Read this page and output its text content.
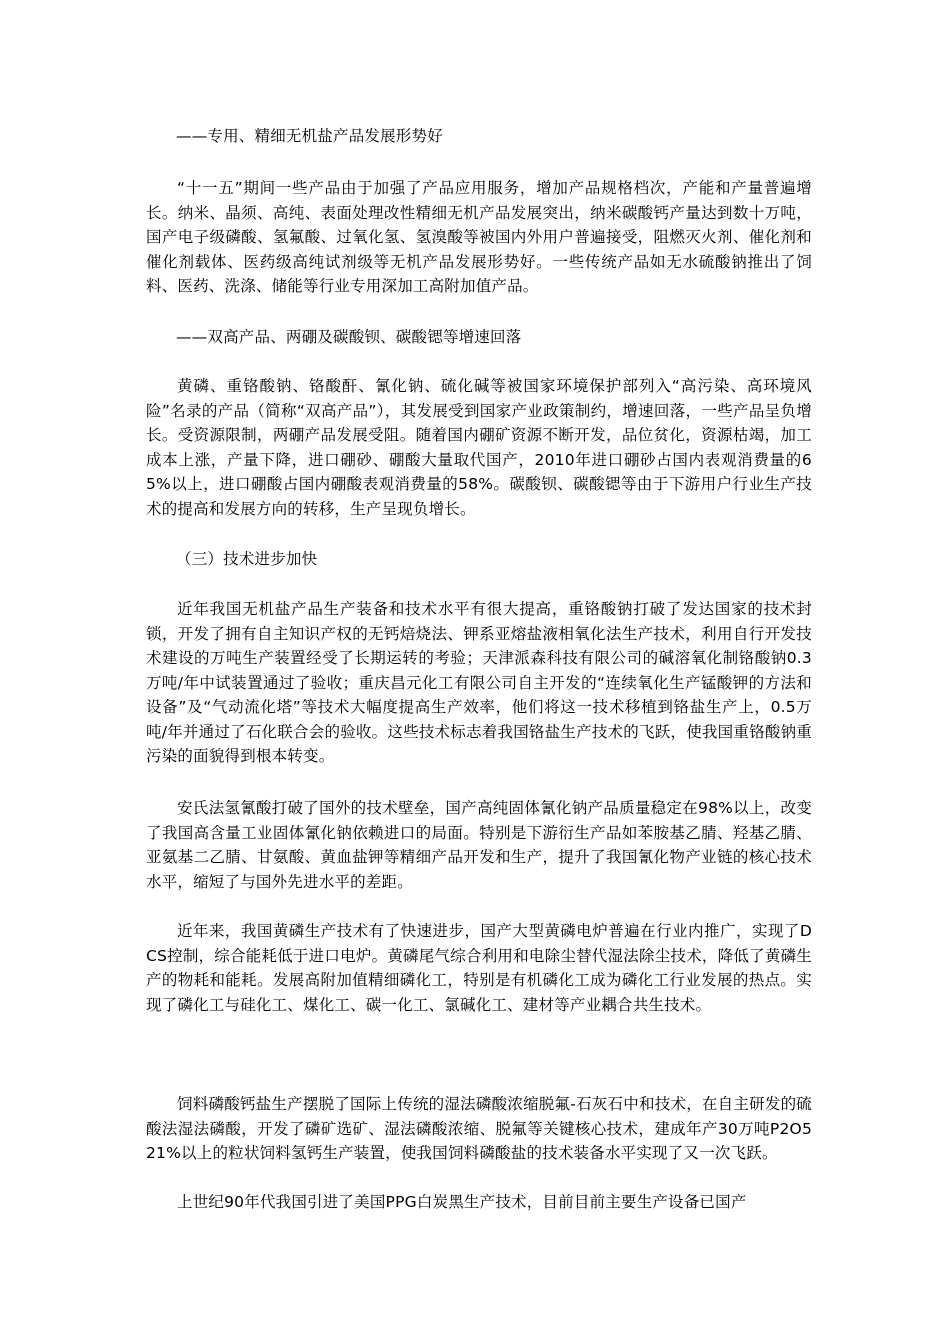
——专用、精细无机盐产品发展形势好

“十一五”期间一些产品由于加强了产品应用服务，增加产品规格档次，产能和产量普遍增长。纳米、晶须、高纯、表面处理改性精细无机产品发展突出，纳米碳酸钙产量达到数十万吨，国产电子级磷酸、氢氟酸、过氧化氢、氢溴酸等被国内外用户普遍接受，阻燃灭火剂、催化剂和催化剂载体、医药级高纯试剂级等无机产品发展形势好。一些传统产品如无水硫酸钠推出了饲料、医药、洗涤、储能等行业专用深加工高附加值产品。

——双高产品、两硼及碳酸钡、碳酸锶等增速回落

黄磷、重铬酸钠、铬酸酐、氰化钠、硫化碱等被国家环境保护部列入“高污染、高环境风险”名录的产品（简称“双高产品”），其发展受到国家产业政策制约，增速回落，一些产品呈负增长。受资源限制，两硼产品发展受阻。随着国内硼矿资源不断开发，品位贫化，资源枯竭，加工成本上涨，产量下降，进口硼砂、硼酸大量取代国产，2010年进口硼砂占国内表观消费量的65%以上，进口硼酸占国内硼酸表观消费量的58%。碳酸钡、碳酸锶等由于下游用户行业生产技术的提高和发展方向的转移，生产呈现负增长。

（三）技术进步加快

近年我国无机盐产品生产装备和技术水平有很大提高，重铬酸钠打破了发达国家的技术封锁，开发了拥有自主知识产权的无钙焙烧法、钾系亚熔盐液相氧化法生产技术，利用自行开发技术建设的万吨生产装置经受了长期运转的考验；天津派森科技有限公司的碱溶氧化制铬酸钠0.3万吨/年中试装置通过了验收；重庆昌元化工有限公司自主开发的“连续氧化生产锰酸钾的方法和设备”及“气动流化塔”等技术大幅度提高生产效率，他们将这一技术移植到铬盐生产上，0.5万吨/年并通过了石化联合会的验收。这些技术标志着我国铬盐生产技术的飞跃，使我国重铬酸钠重污染的面貌得到根本转变。

安氏法氢氰酸打破了国外的技术壁垒，国产高纯固体氰化钠产品质量稳定在98%以上，改变了我国高含量工业固体氰化钠依赖进口的局面。特别是下游衍生产品如苯胺基乙腈、羟基乙腈、亚氨基二乙腈、甘氨酸、黄血盐钾等精细产品开发和生产，提升了我国氰化物产业链的核心技术水平，缩短了与国外先进水平的差距。

近年来，我国黄磷生产技术有了快速进步，国产大型黄磷电炉普遍在行业内推广，实现了DCS控制，综合能耗低于进口电炉。黄磷尾气综合利用和电除尘替代湿法除尘技术，降低了黄磷生产的物耗和能耗。发展高附加值精细磷化工，特别是有机磷化工成为磷化工行业发展的热点。实现了磷化工与硅化工、煤化工、碳一化工、氯碱化工、建材等产业耦合共生技术。

饲料磷酸钙盐生产摆脱了国际上传统的湿法磷酸浓缩脱氟-石灰石中和技术，在自主研发的硫酸法湿法磷酸，开发了磷矿选矿、湿法磷酸浓缩、脱氟等关键核心技术，建成年产30万吨P2O521%以上的粒状饲料氢钙生产装置，使我国饲料磷酸盐的技术装备水平实现了又一次飞跃。

上世纪90年代我国引进了美国PPG白炭黑生产技术，目前目前主要生产设备已国产
